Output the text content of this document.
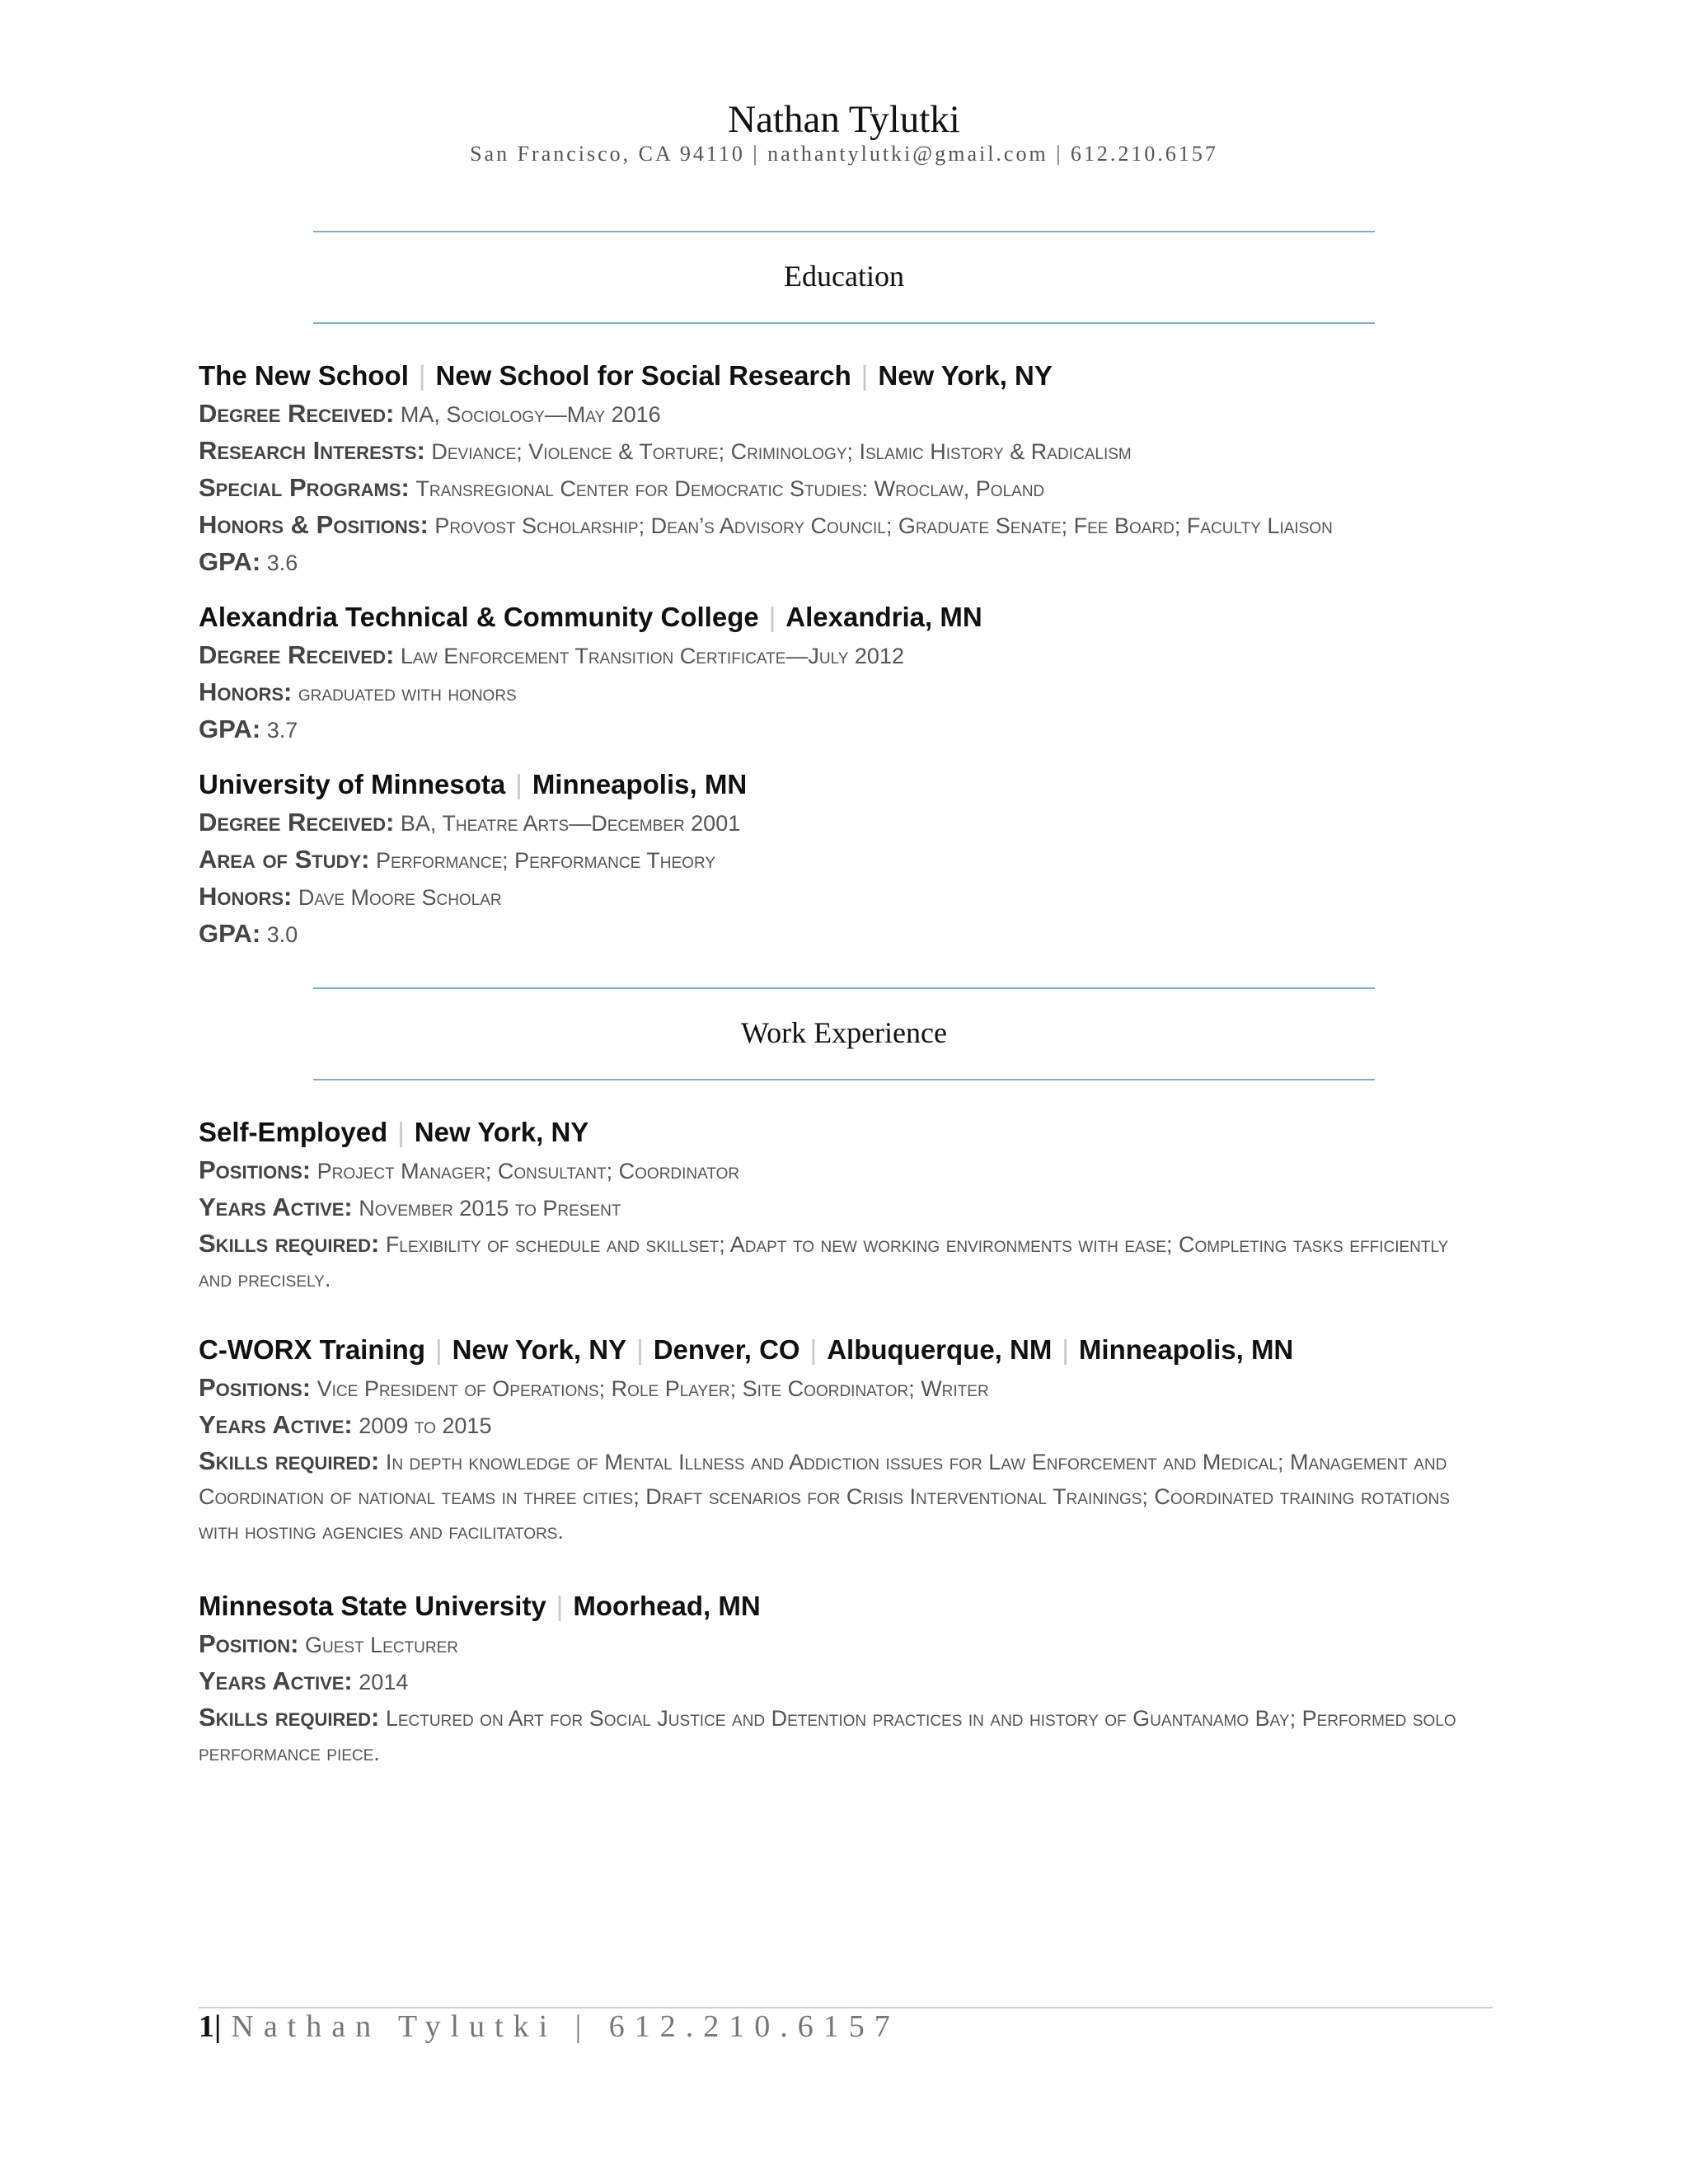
Nathan Tylutki
San Francisco, CA 94110 | nathantylutki@gmail.com | 612.210.6157
Education
The New School | New School for Social Research | New York, NY
Degree Received: MA, Sociology—May 2016
Research Interests: Deviance; Violence & Torture; Criminology; Islamic History & Radicalism
Special Programs: Transregional Center for Democratic Studies: Wroclaw, Poland
Honors & Positions: Provost Scholarship; Dean’s Advisory Council; Graduate Senate; Fee Board; Faculty Liaison
GPA: 3.6
Alexandria Technical & Community College | Alexandria, MN
Degree Received: Law Enforcement Transition Certificate—July 2012
Honors: graduated with honors
GPA: 3.7
University of Minnesota | Minneapolis, MN
Degree Received: BA, Theatre Arts—December 2001
Area of Study: Performance; Performance Theory
Honors: Dave Moore Scholar
GPA: 3.0
Work Experience
Self-Employed | New York, NY
Positions: Project Manager; Consultant; Coordinator
Years Active: November 2015 to Present
Skills required: Flexibility of schedule and skillset; Adapt to new working environments with ease; Completing tasks efficiently and precisely.
C-WORX Training | New York, NY | Denver, CO | Albuquerque, NM | Minneapolis, MN
Positions: Vice President of Operations; Role Player; Site Coordinator; Writer
Years Active: 2009 to 2015
Skills required: In depth knowledge of Mental Illness and Addiction issues for Law Enforcement and Medical; Management and Coordination of national teams in three cities; Draft scenarios for Crisis Interventional Trainings; Coordinated training rotations with hosting agencies and facilitators.
Minnesota State University | Moorhead, MN
Position: Guest Lecturer
Years Active: 2014
Skills required: Lectured on Art for Social Justice and Detention practices in and history of Guantanamo Bay; Performed solo performance piece.
1| Nathan Tylutki | 612.210.6157
